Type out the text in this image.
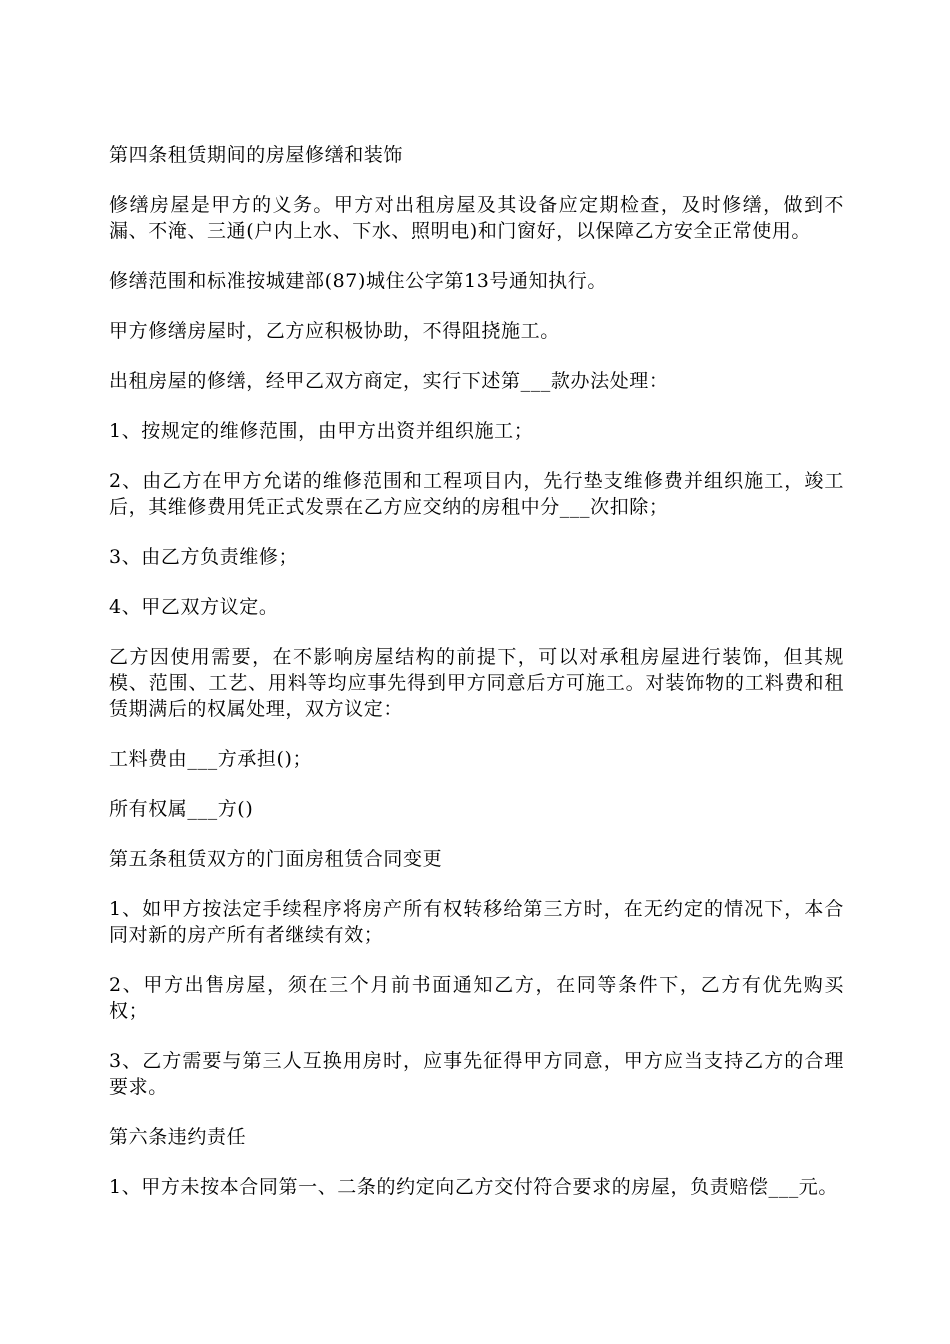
第四条租赁期间的房屋修缮和装饰

修缮房屋是甲方的义务。甲方对出租房屋及其设备应定期检查，及时修缮，做到不漏、不淹、三通(户内上水、下水、照明电)和门窗好，以保障乙方安全正常使用。

修缮范围和标准按城建部(87)城住公字第13号通知执行。

甲方修缮房屋时，乙方应积极协助，不得阻挠施工。

出租房屋的修缮，经甲乙双方商定，实行下述第___款办法处理：

1、按规定的维修范围，由甲方出资并组织施工；

2、由乙方在甲方允诺的维修范围和工程项目内，先行垫支维修费并组织施工，竣工后，其维修费用凭正式发票在乙方应交纳的房租中分___次扣除；

3、由乙方负责维修；

4、甲乙双方议定。

乙方因使用需要，在不影响房屋结构的前提下，可以对承租房屋进行装饰，但其规模、范围、工艺、用料等均应事先得到甲方同意后方可施工。对装饰物的工料费和租赁期满后的权属处理，双方议定：

工料费由___方承担()；

所有权属___方()

第五条租赁双方的门面房租赁合同变更

1、如甲方按法定手续程序将房产所有权转移给第三方时，在无约定的情况下，本合同对新的房产所有者继续有效；

2、甲方出售房屋，须在三个月前书面通知乙方，在同等条件下，乙方有优先购买权；

3、乙方需要与第三人互换用房时，应事先征得甲方同意，甲方应当支持乙方的合理要求。

第六条违约责任

1、甲方未按本合同第一、二条的约定向乙方交付符合要求的房屋，负责赔偿___元。
